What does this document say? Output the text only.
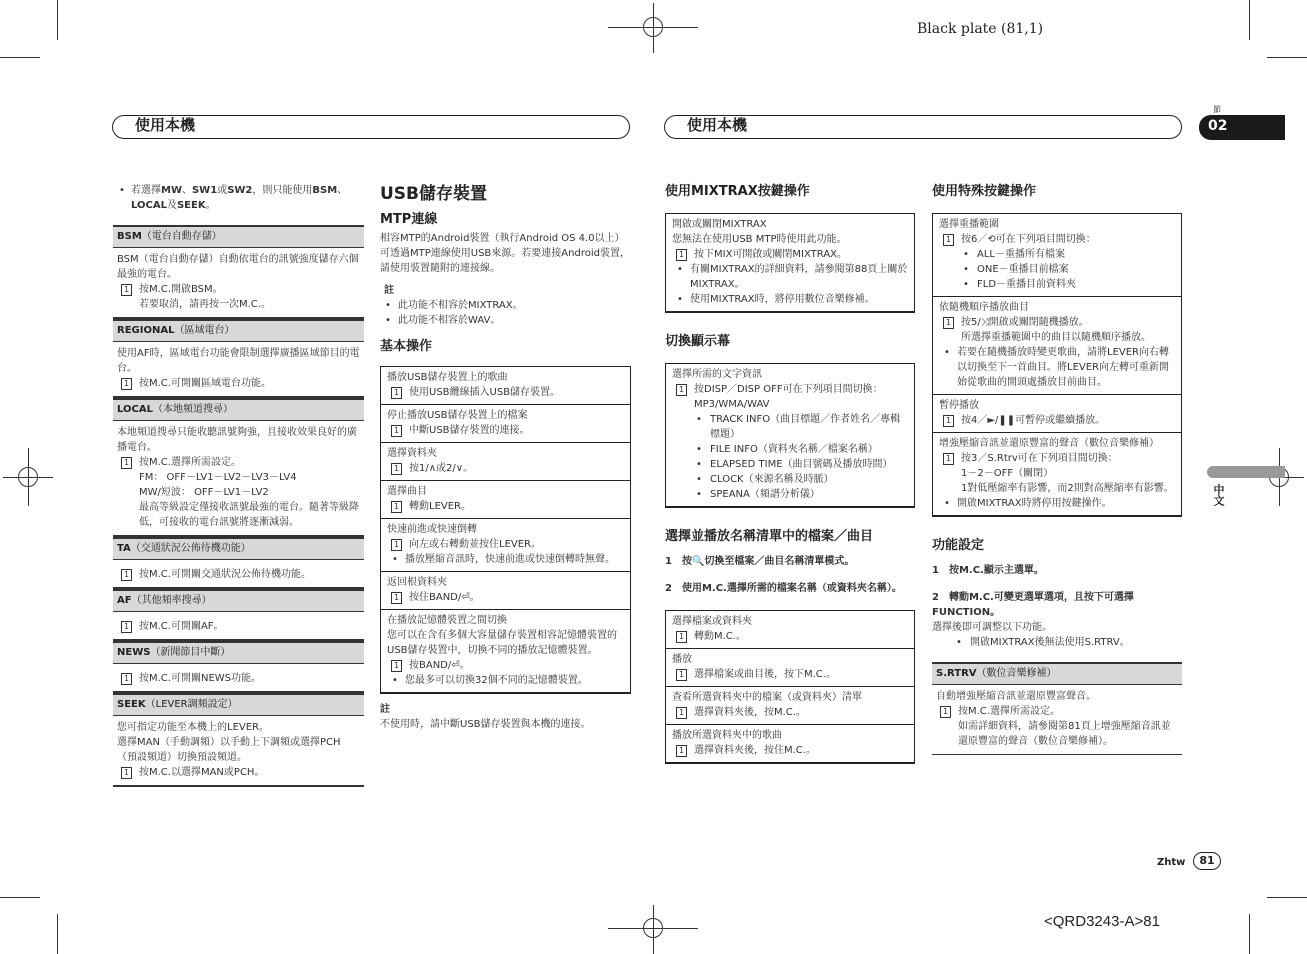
Black plate (81,1)
<QRD3243-A>81
使用本機	使用本機
節
02
中文
• 若選擇MW、SW1或SW2，則只能使用BSM、LOCAL及SEEK。
BSM（電台自動存儲）
BSM（電台自動存儲）自動依電台的訊號強度儲存六個最強的電台。
1 按M.C.開啟BSM。
若要取消，請再按一次M.C.。
REGIONAL（區域電台）
使用AF時，區域電台功能會限制選擇廣播區域節目的電台。
1 按M.C.可開關區域電台功能。
LOCAL（本地頻道搜尋）
本地頻道搜尋只能收聽訊號夠強，且接收效果良好的廣播電台。
1 按M.C.選擇所需設定。
FM： OFF－LV1－LV2－LV3－LV4
MW/短波： OFF－LV1－LV2
最高等級設定僅接收訊號最強的電台。隨著等級降低，可接收的電台訊號將逐漸減弱。
TA（交通狀況公佈待機功能）
1 按M.C.可開關交通狀況公佈待機功能。
AF（其他頻率搜尋）
1 按M.C.可開關AF。
NEWS（新聞節目中斷）
1 按M.C.可開關NEWS功能。
SEEK（LEVER調頻設定）
您可指定功能至本機上的LEVER。
選擇MAN（手動調頻）以手動上下調頻或選擇PCH（預設頻道）切換預設頻道。
1 按M.C.以選擇MAN或PCH。
USB儲存裝置
MTP連線
相容MTP的Android裝置（執行Android OS 4.0以上）可透過MTP連線使用USB來源。若要連接Android裝置，請使用裝置隨附的連接線。
註
• 此功能不相容於MIXTRAX。
• 此功能不相容於WAV。
基本操作
播放USB儲存裝置上的歌曲
1 使用USB纜線插入USB儲存裝置。
停止播放USB儲存裝置上的檔案
1 中斷USB儲存裝置的連接。
選擇資料夾
1 按1/∧或2/∨。
選擇曲目
1 轉動LEVER。
快速前進或快速倒轉
1 向左或右轉動並按住LEVER。
• 播放壓縮音訊時，快速前進或快速倒轉時無聲。
返回根資料夾
1 按住BAND/⏎。
在播放記憶體裝置之間切換
您可以在含有多個大容量儲存裝置相容記憶體裝置的USB儲存裝置中，切換不同的播放記憶體裝置。
1 按BAND/⏎。
• 您最多可以切換32個不同的記憶體裝置。
註
不使用時，請中斷USB儲存裝置與本機的連接。
使用MIXTRAX按鍵操作
開啟或關閉MIXTRAX
您無法在使用USB MTP時使用此功能。
1 按下MIX可開啟或關閉MIXTRAX。
• 有關MIXTRAX的詳細資料，請參閱第88頁上關於MIXTRAX。
• 使用MIXTRAX時，將停用數位音樂修補。
切換顯示幕
選擇所需的文字資訊
1 按DISP／DISP OFF可在下列項目間切換：MP3/WMA/WAV
• TRACK INFO（曲目標題／作者姓名／專輯標題）
• FILE INFO（資料夾名稱／檔案名稱）
• ELAPSED TIME（曲目號碼及播放時間）
• CLOCK（來源名稱及時脈）
• SPEANA（頻譜分析儀）
選擇並播放名稱清單中的檔案／曲目
1　按🔍切換至檔案／曲目名稱清單模式。
2　使用M.C.選擇所需的檔案名稱（或資料夾名稱）。
選擇檔案或資料夾
1 轉動M.C.。
播放
1 選擇檔案或曲目後，按下M.C.。
查看所選資料夾中的檔案（或資料夾）清單
1 選擇資料夾後，按M.C.。
播放所選資料夾中的歌曲
1 選擇資料夾後，按住M.C.。
使用特殊按鍵操作
選擇重播範圍
1 按6／⟲可在下列項目間切換：
• ALL－重播所有檔案
• ONE－重播目前檔案
• FLD－重播目前資料夾
依隨機順序播放曲目
1 按5/⤨開啟或關閉隨機播放。
所選擇重播範圍中的曲目以隨機順序播放。
• 若要在隨機播放時變更歌曲，請將LEVER向右轉以切換至下一首曲目。將LEVER向左轉可重新開始從歌曲的開頭處播放目前曲目。
暫停播放
1 按4／►/❚❚可暫停或繼續播放。
增強壓縮音訊並還原豐富的聲音（數位音樂修補）
1 按3／S.Rtrv可在下列項目間切換：
1－2－OFF（關閉）
1對低壓縮率有影響，而2則對高壓縮率有影響。
• 開啟MIXTRAX時將停用按鍵操作。
功能設定
1　按M.C.顯示主選單。
2　轉動M.C.可變更選單選項，且按下可選擇FUNCTION。
選擇後即可調整以下功能。
• 開啟MIXTRAX後無法使用S.RTRV。
S.RTRV（數位音樂修補）
自動增強壓縮音訊並還原豐富聲音。
1 按M.C.選擇所需設定。
如需詳細資料，請參閱第81頁上增強壓縮音訊並還原豐富的聲音（數位音樂修補）。
Zhtw	81
